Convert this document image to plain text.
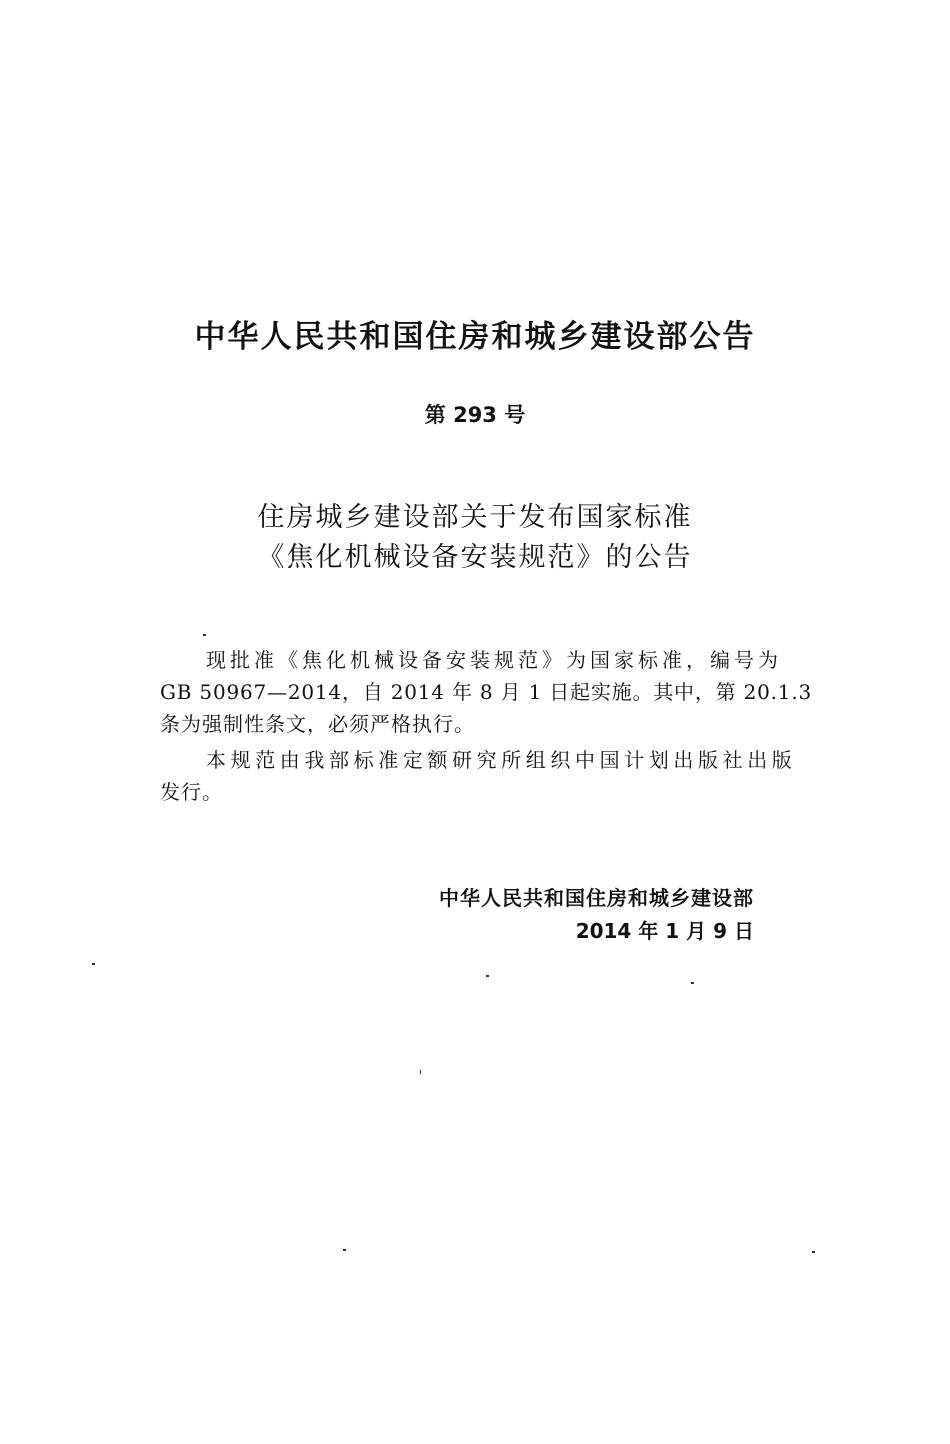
中华人民共和国住房和城乡建设部公告
第 293 号
住房城乡建设部关于发布国家标准
《焦化机械设备安装规范》的公告
现批准《焦化机械设备安装规范》为国家标准，编号为
GB 50967—2014，自 2014 年 8 月 1 日起实施。其中，第 20.1.3
条为强制性条文，必须严格执行。
本规范由我部标准定额研究所组织中国计划出版社出版
发行。
中华人民共和国住房和城乡建设部
2014 年 1 月 9 日
